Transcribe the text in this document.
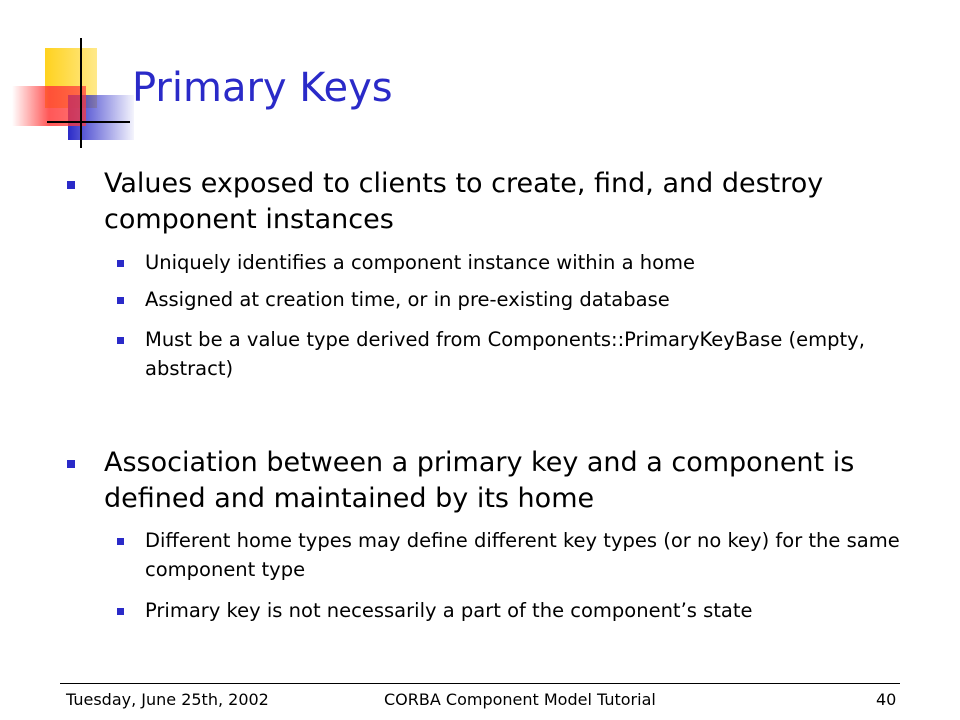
Primary Keys
Values exposed to clients to create, find, and destroy component instances
Uniquely identifies a component instance within a home
Assigned at creation time, or in pre-existing database
Must be a value type derived from Components::PrimaryKeyBase (empty, abstract)
Association between a primary key and a component is defined and maintained by its home
Different home types may define different key types (or no key) for the same component type
Primary key is not necessarily a part of the component’s state
Tuesday, June 25th, 2002	CORBA Component Model Tutorial	40
